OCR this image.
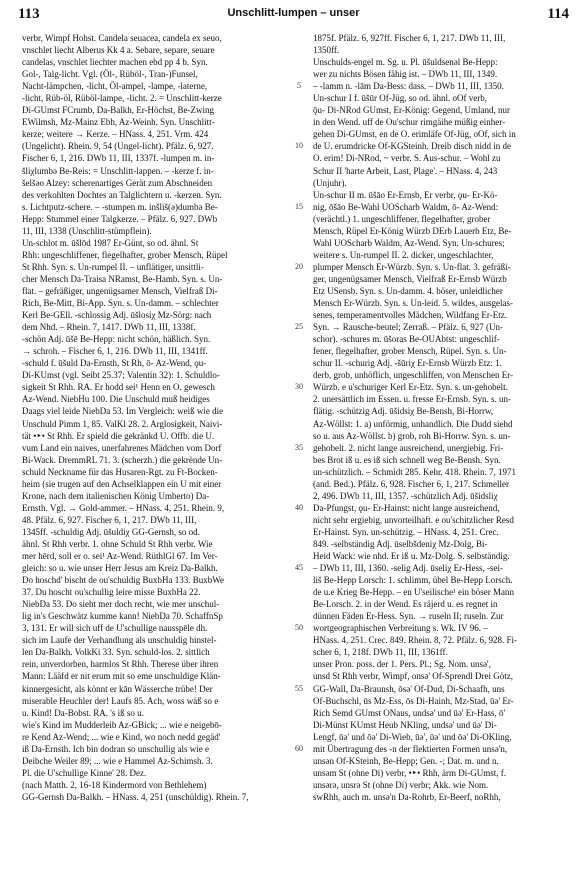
113	Unschlitt-lumpen – unser	114

verbr, Wimpf Hohst. Candela seuacea, candela ex seuo,

vnschlet liecht Alberus Kk 4 a. Sebare, separe, seuare

candelas, vnschlet liechter machen ebd pp 4 b. Syn.

Gol-, Talg-licht. Vgl. (Öl-, Rüböl-, Tran-)Funsel,

Nacht-lämpchen, -licht, Öl-ampel, -lampe, -laterne,

-licht, Rüb-öl, Rüböl-lampe, -licht. 2. = Unschlitt-kerze

Di-GUmst FCrumb, Da-Balkh, Er-Höchst, Be-Zwing

EWilmsh, Mz-Mainz Ebh, Az-Weinh. Syn. Unschlitt-

kerze; weitere → Kerze. – HNass. 4, 251. Vrm. 424

(Ungelicht). Rhein. 9, 54 (Ungel-licht). Pfälz. 6, 927.

Fischer 6, 1, 216. DWb 11, III, 1337f. -lumpen m. in-

šliχlumbə Be-Reis: = Unschlitt-lappen. – -kerze f. in-

šelšəo Alzey: scherenartiges Gerät zum Abschneiden

des verkohlten Dochtes an Talglichtern u. -kerzen. Syn.

s. Lichtputz-schere. – -stumpen m. inšliš(ǝ)dumbə Be-

Hepp: Stummel einer Talgkerze. – Pfälz. 6, 927. DWb

11, III, 1338 (Unschlitt-stümpflein).

Un-schlot m. ūšlōd 1987 Er-Günt, so od. ähnl. St

Rhh: ungeschliffener, flegelhafter, grober Mensch, Rüpel

St Rhh. Syn. s. Un-rumpel II. – unflätiger, unsittli-

cher Mensch Da-Traisa NRamst, Be-Hamb. Syn. s. Un-

flat. – gefräßiger, ungenügsamer Mensch, Vielfraß Di-

Rich, Be-Mitt, Bi-App. Syn. s. Un-damm. – schlechter

Kerl Be-GEll. -schlossig Adj. ūšlosiχ Mz-Sörg: nach

dem Nhd. – Rhein. 7, 1417. DWb 11, III, 1338f.

-schön Adj. ūšē Be-Hepp: nicht schön, häßlich. Syn.

→ schroh. – Fischer 6, 1, 216. DWb 11, III, 1341ff.

-schuld f. ūšuld Da-Ernsth, St Rh, ō- Az-Wend, ǫu-

Di-KUmst (vgl. Seibt 25.37; Valentin 32): 1. Schuldlo-

sigkeit St Rhh. RA. Er hodd sei¹ Henn en O. gewesch

Az-Wend. NiebHu 100. Die Unschuld muß heidiges

Daags viel leide NiebDa 53. Im Vergleich: weiß wie die

Unschuld Pimm 1, 85. ValKl 28. 2. Arglosigkeit, Naivi-

tät •‣• St Rhh. Er spield die gekränkd U. Offb. die U.

vum Land ein naives, unerfahrenes Mädchen vom Dorf

Bi-Wack. DremmRL 71. 3. (scherzh.) die gekrënde Un-

schuld Neckname für das Husaren-Rgt. zu Ft-Bocken-

heim (sie trugen auf den Achselklappen ein U mit einer

Krone, nach dem italienischen König Umberto) Da-

Ernsth. Vgl. → Gold-ammer. – HNass. 4, 251. Rhein. 9,

48. Pfälz. 6, 927. Fischer 6, 1, 217. DWb 11, III,

1345ff. -schuldig Adj. ūšuldiχ GG-Gernsh, so od.

ähnl. St Rhh verbr. 1. ohne Schuld St Rhh verbr. Wie

mer hērd, soll er o. sei¹ Az-Wend. RüthlGl 67. Im Ver-

gleich: so u. wie unser Herr Jesus am Kreiz Da-Balkh.

Do hoschd' bischt de ou'schuldig BuxbHa 133. BuxbWe

37. Du hoscht ou'schullig leire misse BuxbHa 22.

NiebDa 53. Do sieht mer doch recht, wie mer unschul-

lig in's Geschwätz kumme kann! NiebDa 70. SchaffnSp

3, 131. Er will sich uff de U'schullige nausspēle dh.

sich im Laufe der Verhandlung als unschuldig hinstel-

len Da-Balkh. VolkKi 33. Syn. schuld-los. 2. sittlich

rein, unverdorben, harmlos St Rhh. Therese über ihren

Mann: Lääfd er nit erum mit so eme unschuldige Klän-

kinnergesicht, als könnt er kān Wässerche trübe! Der

miserable Heuchler der! Laufs 85. Ach, woss wäß so e

u. Kind! Da-Bobst. RA. 's iß so u.

wie's Kind im Mudderleib Az-GBick; ... wie e neigebō-

re Kend Az-Wend; ... wie e Kind, wo noch nedd gegäd'

iß Da-Ernsth. Ich bin dodran so unschullig als wie e

Deibche Weiler 89; ... wie e Hammel Az-Schimsh. 3.

Pl. die U'schullige Kinne' 28. Dez.

(nach Matth. 2, 16-18 Kindermord von Bethlehem)

GG-Gernsh Da-Balkh. – HNass. 4, 251 (unschüldig). Rhein. 7,

5
10
15
20
25
30
35
40
45
50
55
60

1875f. Pfälz. 6, 927ff. Fischer 6, 1, 217. DWb 11, III,

1350ff.

Unschulds-engel m. Sg. u. Pl. ūšuldsenəl Be-Hepp:

wer zu nichts Bösen fähig ist. – DWb 11, III, 1349.

– -lamm n. -lām Da-Bess: dass. – DWb 11, III, 1350.

Un-schur I f. ūšūr Of-Jüg, so od. ähnl. oOf verb,

ǭu- Di-NRod GUmst, Er-König: Gegend, Umland, nur

in den Wend. uff de Ou'schur rimgäihe müßig einher-

gehen Di-GUmst, en de O. erimläfe Of-Jüg, oOf, sich in

de U. erumdricke Of-KGSteinh. Dreib disch nidd in de

O. erim! Di-NRod, ~ verbr. S. Aus-schur. – Wohl zu

Schur II 'harte Arbeit, Last, Plage'. – HNass. 4, 243

(Unjuhr).

Un-schur II m. ūšāo Er-Ernsb, Er verbr, ǫu- Er-Kö-

nig, ōšāo Be-Wahl UOScharb Waldm, ō- Az-Wend:

(verächtl.) 1. ungeschliffener, flegelhafter, grober

Mensch, Rüpel Er-König Würzb DErb Lauerb Etz, Be-

Wahl UOScharb Waldm, Az-Wend. Syn. Un-schures;

weitere s. Un-rumpel II. 2. dicker, ungeschlachter,

plumper Mensch Er-Würzb. Syn. s. Un-flat. 3. gefräßi-

ger, ungenügsamer Mensch, Vielfraß Er-Ernsb Würzb

Etz USensb. Syn. s. Un-damm. 4. böser, unleidlicher

Mensch Er-Würzb. Syn. s. Un-leid. 5. wildes, ausgelas-

senes, temperamentvolles Mädchen, Wildfang Er-Etz.

Syn. → Rausche-beutel; Zerraß. – Pfälz. 6, 927 (Un-

schor). -schures m. ūšoras Be-OUAbtst: ungeschlif-

fener, flegelhafter, grober Mensch, Rüpel. Syn. s. Un-

schur II. -schurig Adj. -šūriχ Er-Ernsb Würzb Etz: 1.

derb, grob, unhöflich, ungeschliffen, von Menschen Er-

Würzb. e u'schuriger Kerl Er-Etz. Syn. s. un-gehobelt.

2. unersättlich im Essen. u. fresse Er-Ernsb. Syn. s. un-

flätig. -schützig Adj. ūšidsiχ Be-Bensh, Bi-Horrw,

Az-Wöllst: 1. a) unförmig, unhandlich. Die Dudd siehd

so u. aus Az-Wöllst. b) grob, roh Bi-Horrw. Syn. s. un-

gehobelt. 2. nicht lange ausreichend, unergiebig. Fri-

bes Brot iß u. es iß sich schnell weg Be-Bensh. Syn.

un-schützlich. – Schmidt 285. Kehr. 418. Rhein. 7, 1971

(and. Bed.). Pfälz. 6, 928. Fischer 6, 1, 217. Schmeller

2, 496. DWb 11, III, 1357. -schützlich Adj. ūšidsliχ

Da-Pfungst, ǫu- Er-Hainst: nicht lange ausreichend,

nicht sehr ergiebig, unvorteilhaft. e ou'schitzlicher Resd

Er-Hainst. Syn. un-schützig. – HNass. 4, 251. Crec.

849. -selbständig Adj. ūselbšdeniχ Mz-Dolg, Bi-

Heid Wack: wie nhd. Er iß u. Mz-Dolg. S. selbständig.

– DWb 11, III, 1360. -selig Adj. ūseliχ Er-Hess, -sei-

liš Be-Hepp Lorsch: 1. schlimm, übel Be-Hepp Lorsch.

de u.e Krieg Be-Hepp. – en U'seilische¹ ein böser Mann

Be-Lorsch. 2. in der Wend. Es räjerd u. es regnet in

dünnen Fäden Er-Hess. Syn. → ruseln II; ruseln. Zur

wortgeographischen Verbreitung s. Wk. IV 96. –

HNass. 4, 251. Crec. 849. Rhein. 8, 72. Pfälz. 6, 928. Fi-

scher 6, 1, 218f. DWb 11, III, 1361ff.

unser Pron. poss. der 1. Pers. Pl.; Sg. Nom. unsə',

unsd St Rhh verbr, Wimpf, onsə' Of-Sprendl Drei Götz,

GG-Wall, Da-Braunsh, ōsə' Of-Dud, Di-Schaafh, uns

Of-Buchschl, ūs Mz-Ess, ōs Di-Hainh, Mz-Stad, ūə' Er-

Rich Semd GUmst ONaus, undsə' und ūə' Er-Hass, ō'

Di-Münst KUmst Heub NKling, undsə' und ūə' Di-

Lengf, ūə' und ōə' Di-Wieb, ūə', ūə' und ōə' Di-OKling,

mit Übertragung des -n der flektierten Formen unsə'n,

unsən Of-KSteinh, Be-Hepp; Gen. -; Dat. m. und n.

unsəm St (ohne Di) verbr, •‣• Rhh, ärm Di-GUmst, f.

unsərə, unsrə St (ohne Di) verbr; Akk. wie Nom.

swRhh, auch m. unsə'n Da-Rohrb, Er-Beerf, noRhh,
